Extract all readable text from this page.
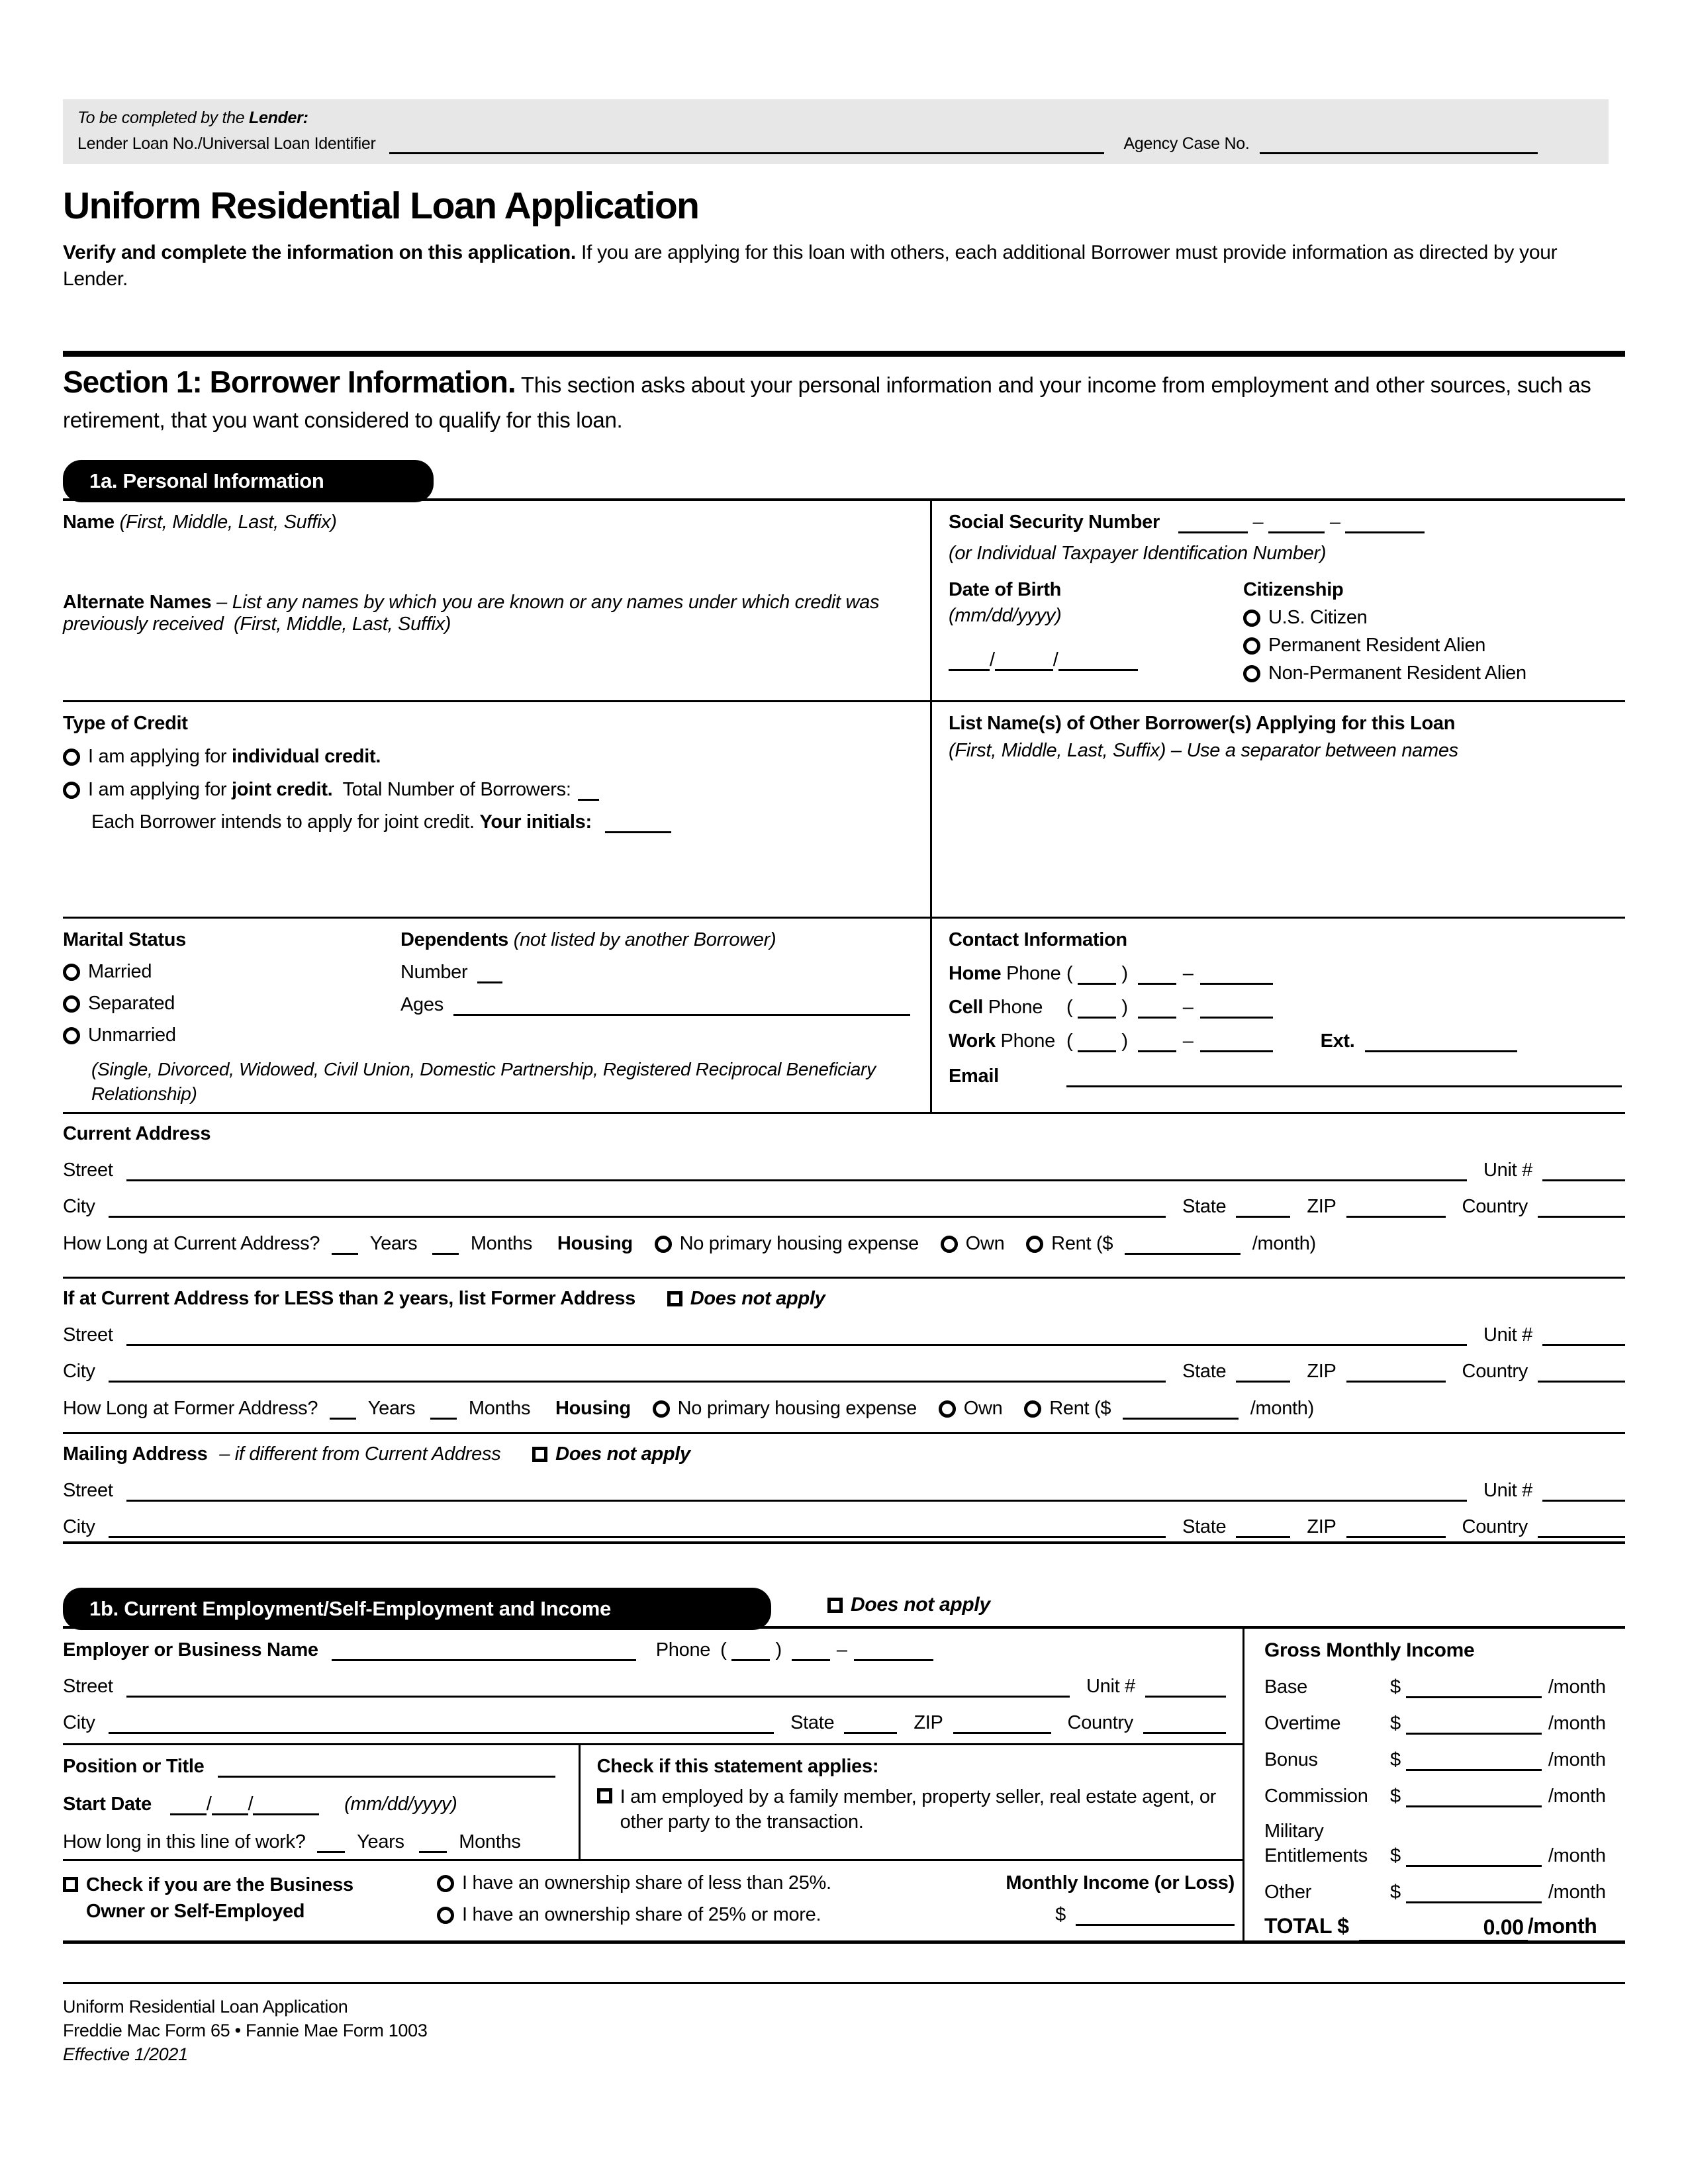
To be completed by the Lender:
Lender Loan No./Universal Loan Identifier	Agency Case No.
Uniform Residential Loan Application

Verify and complete the information on this application. If you are applying for this loan with others, each additional Borrower must provide information as directed by your Lender.

Section 1: Borrower Information. This section asks about your personal information and your income from employment and other sources, such as retirement, that you want considered to qualify for this loan.

1a. Personal Information
Name (First, Middle, Last, Suffix)
Alternate Names – List any names by which you are known or any names under which credit was previously received (First, Middle, Last, Suffix)
Social Security Number	–	–
(or Individual Taxpayer Identification Number)
Date of Birth
(mm/dd/yyyy)
/	/
Citizenship
U.S. Citizen
Permanent Resident Alien
Non-Permanent Resident Alien
Type of Credit
I am applying for individual credit.
I am applying for joint credit. Total Number of Borrowers:
Each Borrower intends to apply for joint credit. Your initials:
List Name(s) of Other Borrower(s) Applying for this Loan
(First, Middle, Last, Suffix) – Use a separator between names
Marital Status
Married
Separated
Unmarried
Dependents (not listed by another Borrower)
Number
Ages
(Single, Divorced, Widowed, Civil Union, Domestic Partnership, Registered Reciprocal Beneficiary Relationship)
Contact Information
Home Phone (	)	–
Cell Phone	(	)	–
Work Phone (	)	–	Ext.
Email
Current Address
Street	Unit #
City	State	ZIP	Country
How Long at Current Address?	Years	Months Housing No primary housing expense Own Rent ($	/month)
If at Current Address for LESS than 2 years, list Former Address	Does not apply
Street	Unit #
City	State	ZIP	Country
How Long at Former Address?	Years	Months Housing No primary housing expense Own Rent ($	/month)
Mailing Address – if different from Current Address	Does not apply
Street	Unit #
City	State	ZIP	Country
1b. Current Employment/Self-Employment and Income	Does not apply
Employer or Business Name	Phone (	)	–
Street	Unit #
City	State	ZIP	Country
Position or Title
Start Date	/ /	(mm/dd/yyyy)
How long in this line of work?	Years	Months
Check if this statement applies:
I am employed by a family member, property seller, real estate agent, or other party to the transaction.
Check if you are the Business
Owner or Self-Employed
I have an ownership share of less than 25%.	Monthly Income (or Loss)
I have an ownership share of 25% or more.	$
Gross Monthly Income
Base	$	/month
Overtime	$	/month
Bonus	$	/month
Commission	$	/month
Military
Entitlements	$	/month
Other	$	/month
TOTAL $	0.00 /month
Uniform Residential Loan Application
Freddie Mac Form 65 • Fannie Mae Form 1003
Effective 1/2021
